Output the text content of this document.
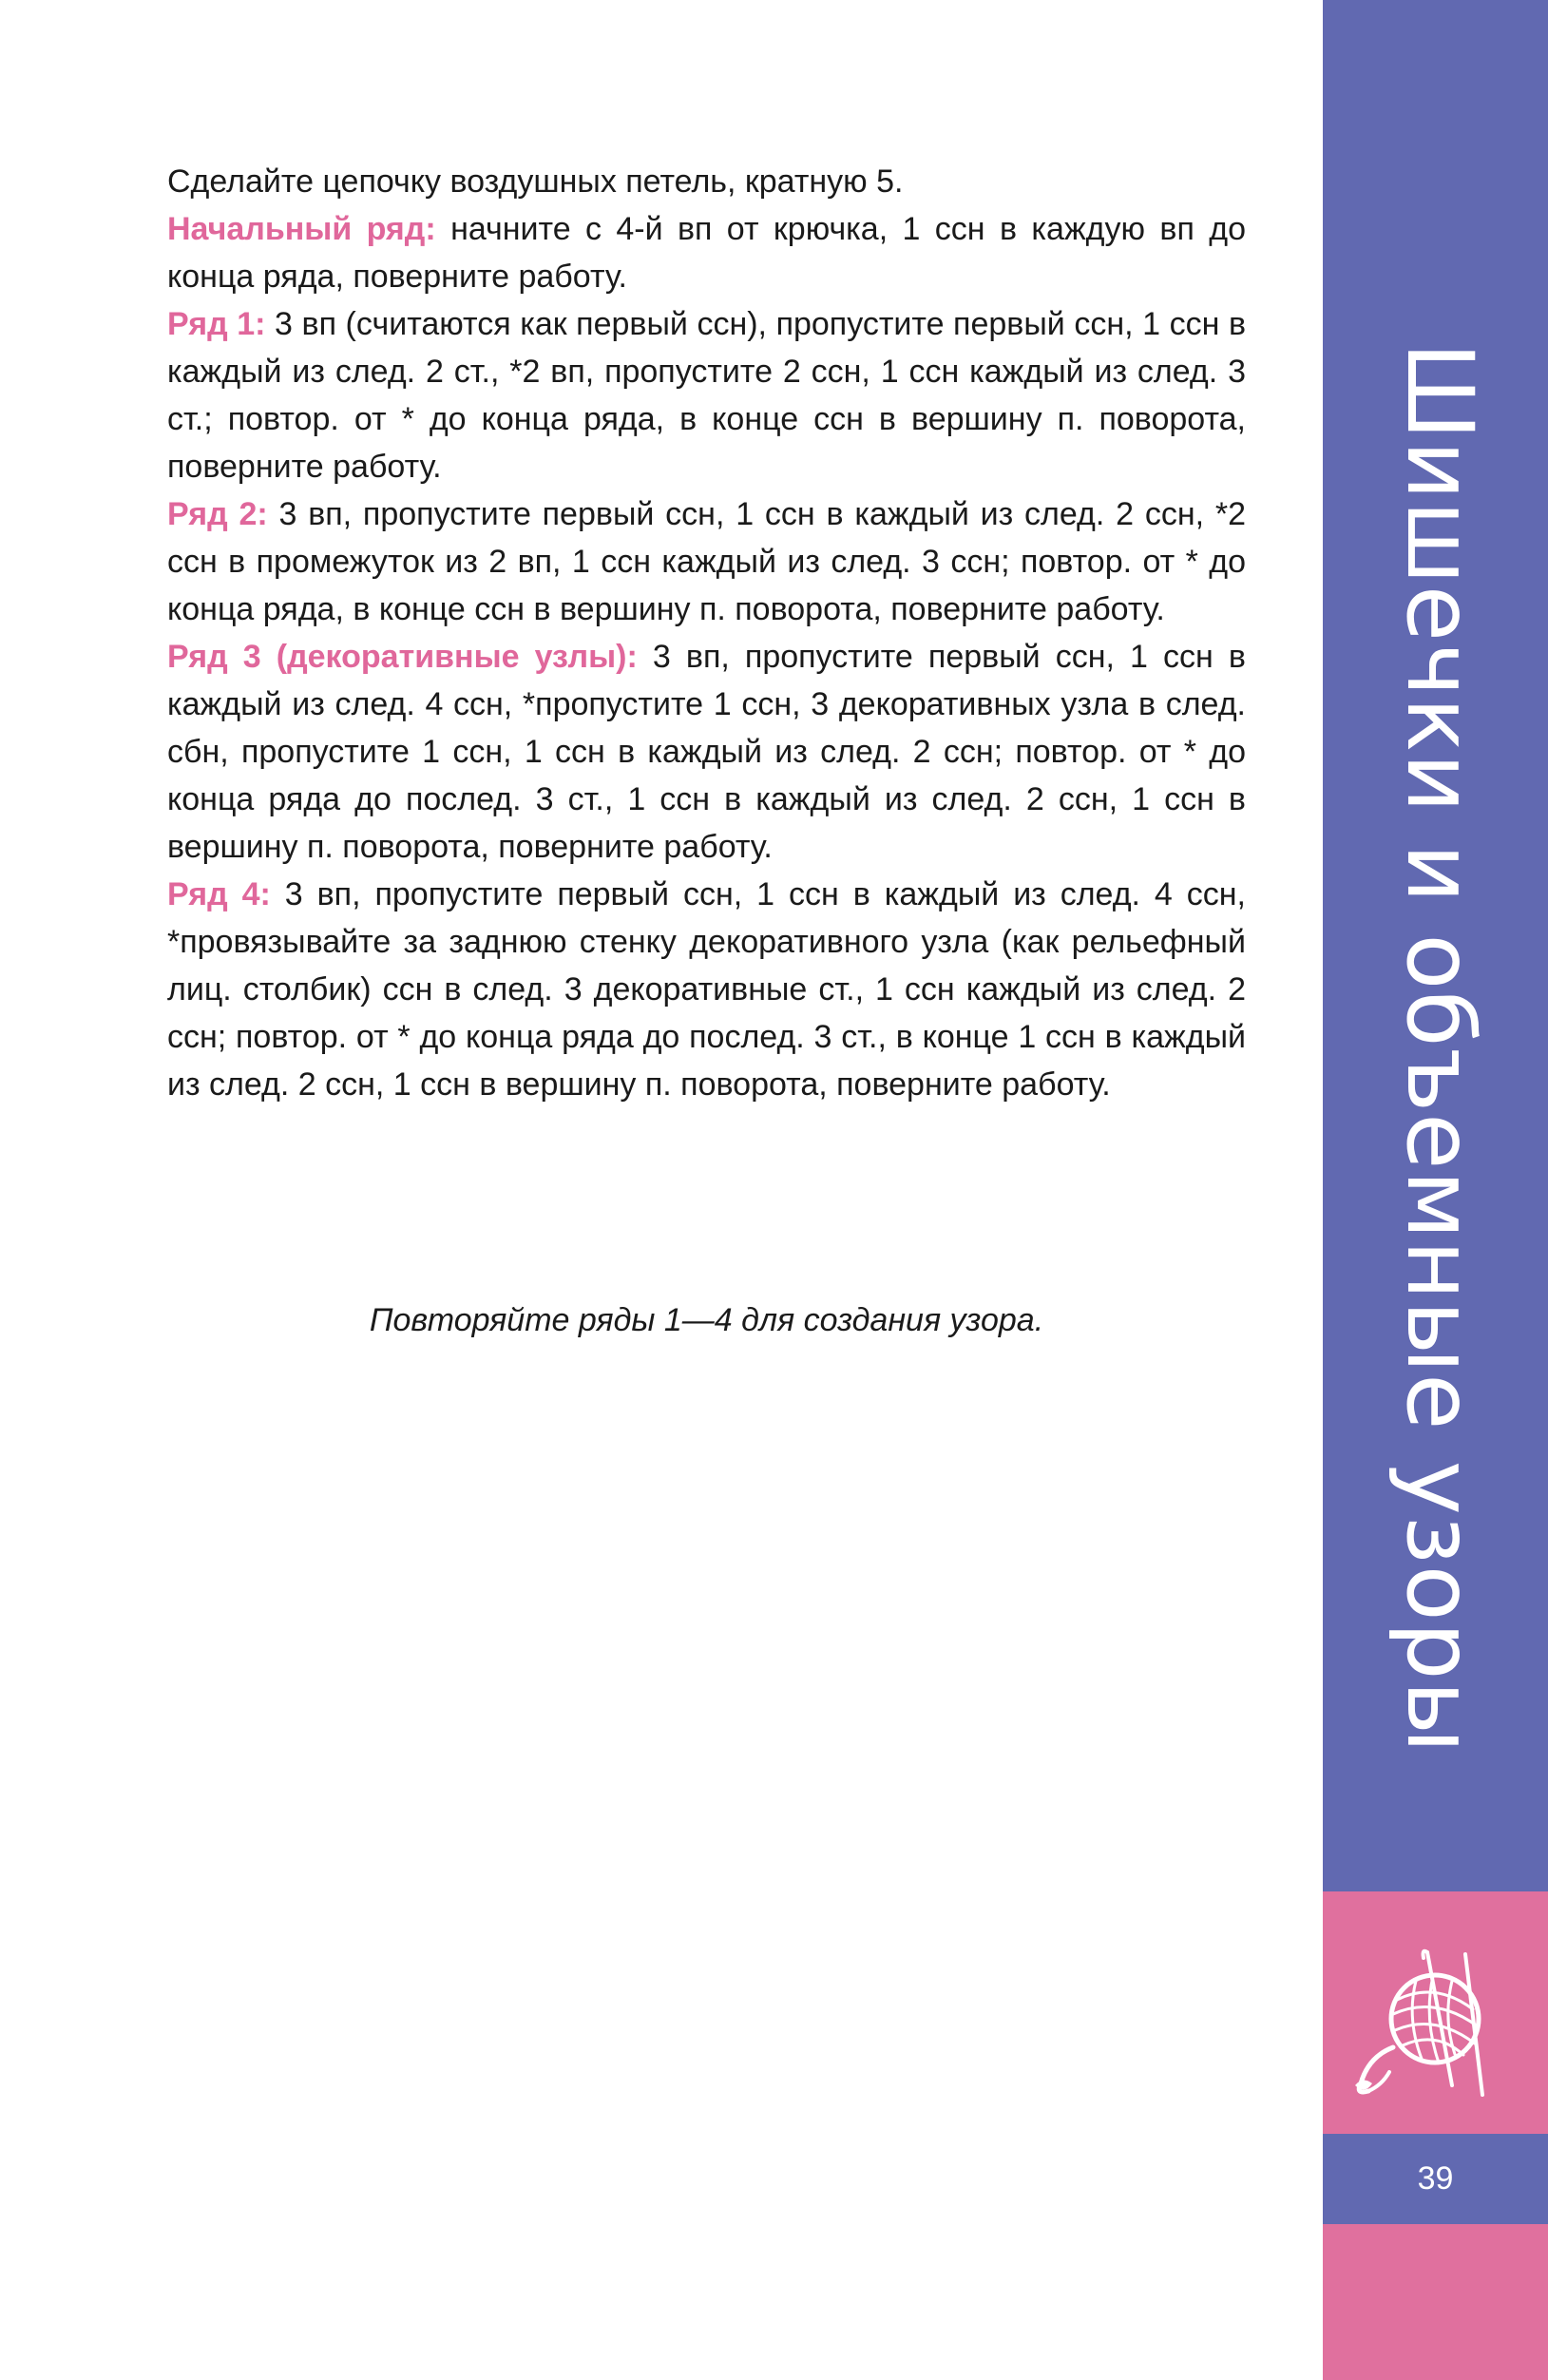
Сделайте цепочку воздушных петель, кратную 5.

Начальный ряд: начните с 4-й вп от крючка, 1 ссн в каждую вп до конца ряда, поверните работу.

Ряд 1: 3 вп (считаются как первый ссн), пропустите первый ссн, 1 ссн в каждый из след. 2 ст., *2 вп, пропустите 2 ссн, 1 ссн каждый из след. 3 ст.; повтор. от * до конца ряда, в конце ссн в вершину п. поворота, поверните работу.

Ряд 2: 3 вп, пропустите первый ссн, 1 ссн в каждый из след. 2 ссн, *2 ссн в промежуток из 2 вп, 1 ссн каждый из след. 3 ссн; повтор. от * до конца ряда, в конце ссн в вершину п. поворота, поверните работу.

Ряд 3 (декоративные узлы): 3 вп, пропустите первый ссн, 1 ссн в каждый из след. 4 ссн, *пропустите 1 ссн, 3 декоративных узла в след. сбн, пропустите 1 ссн, 1 ссн в каждый из след. 2 ссн; повтор. от * до конца ряда до послед. 3 ст., 1 ссн в каждый из след. 2 ссн, 1 ссн в вершину п. поворота, поверните работу.

Ряд 4: 3 вп, пропустите первый ссн, 1 ссн в каждый из след. 4 ссн, *провязывайте за заднюю стенку декоративного узла (как рельефный лиц. столбик) ссн в след. 3 декоративные ст., 1 ссн каждый из след. 2 ссн; повтор. от * до конца ряда до послед. 3 ст., в конце 1 ссн в каждый из след. 2 ссн, 1 ссн в вершину п. поворота, поверните работу.

Повторяйте ряды 1—4 для создания узора.	Шишечки и объемные узоры
39
